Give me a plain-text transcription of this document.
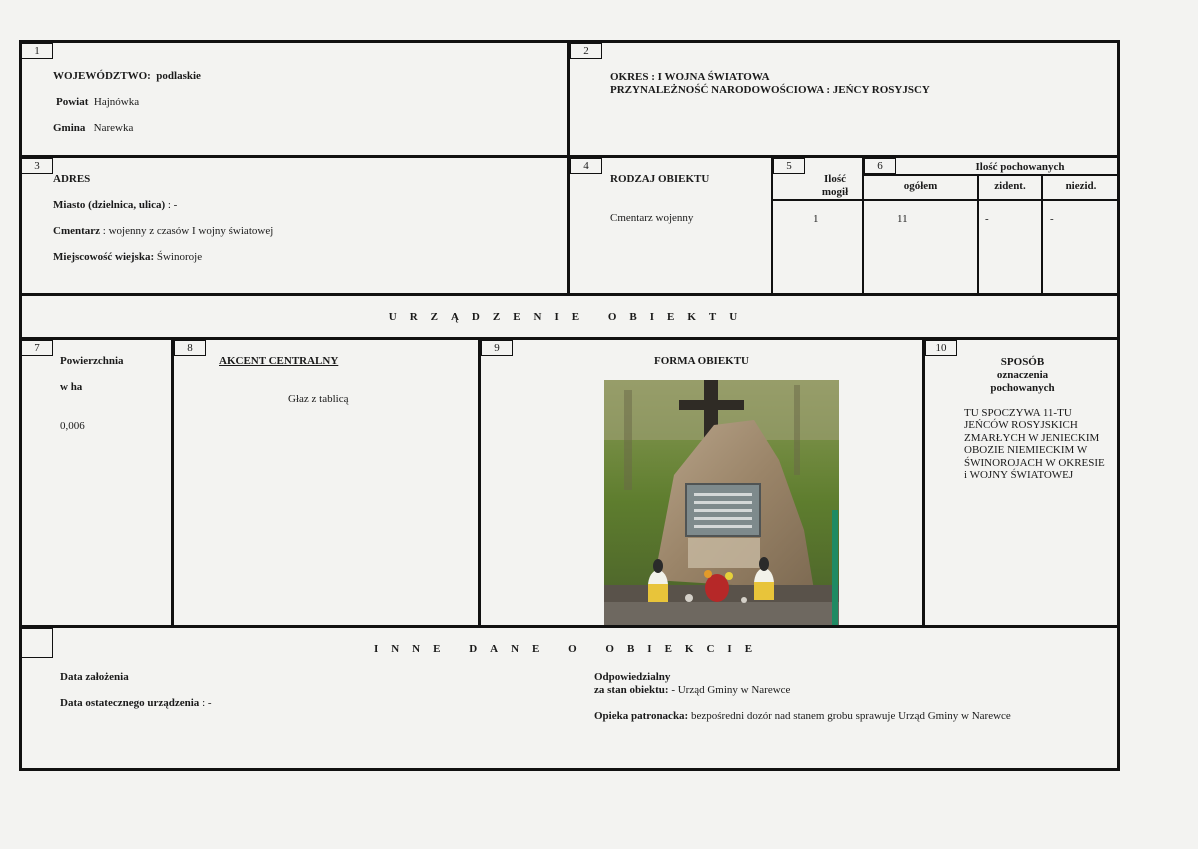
1	2
3	4	5	6
7	8	9	10
WOJEWÓDZTWO: podlaskie
Powiat Hajnówka
Gmina Narewka
OKRES : I WOJNA ŚWIATOWA
PRZYNALEŻNOŚĆ NARODOWOŚCIOWA : JEŃCY ROSYJSCY
ADRES
Miasto (dzielnica, ulica) : -
Cmentarz : wojenny z czasów I wojny światowej
Miejscowość wiejska: Świnoroje
RODZAJ OBIEKTU
Cmentarz wojenny
Ilość
mogił
1
Ilość pochowanych
ogółem	zident.	niezid.
11	-	-
URZĄDZENIE OBIEKTU
Powierzchnia
w ha
0,006
AKCENT CENTRALNY
Głaz z tablicą
FORMA OBIEKTU	SPOSÓB
oznaczenia
pochowanych
TU SPOCZYWA 11-TU
JEŃCÓW ROSYJSKICH
ZMARŁYCH W JENIECKIM
OBOZIE NIEMIECKIM W
ŚWINOROJACH W OKRESIE
i WOJNY ŚWIATOWEJ
INNE DANE O OBIEKCIE
Data założenia
Data ostatecznego urządzenia : -
Odpowiedzialny
za stan obiektu: - Urząd Gminy w Narewce
Opieka patronacka: bezpośredni dozór nad stanem grobu sprawuje Urząd Gminy w Narewce
